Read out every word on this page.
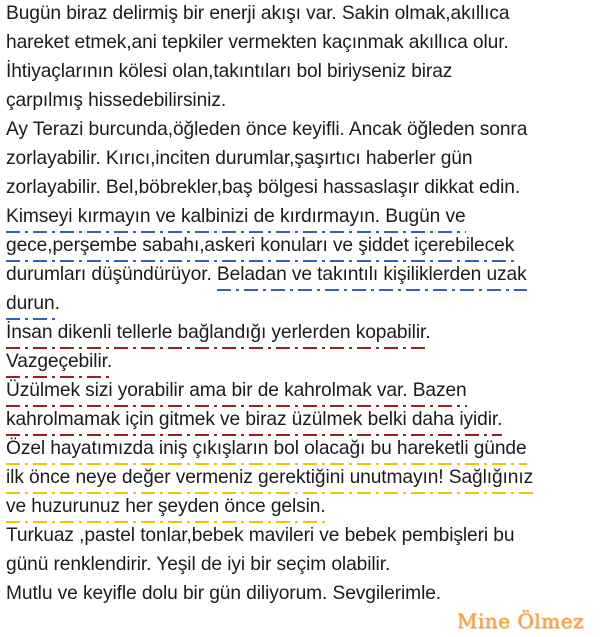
Bugün biraz delirmiş bir enerji akışı var. Sakin olmak,akıllıca
hareket etmek,ani tepkiler vermekten kaçınmak akıllıca olur.
İhtiyaçlarının kölesi olan,takıntıları bol biriyseniz biraz
çarpılmış hissedebilirsiniz.
Ay Terazi burcunda,öğleden önce keyifli. Ancak öğleden sonra
zorlayabilir. Kırıcı,inciten durumlar,şaşırtıcı haberler gün
zorlayabilir. Bel,böbrekler,baş bölgesi hassaslaşır dikkat edin.
Kimseyi kırmayın ve kalbinizi de kırdırmayın. Bugün ve
gece,perşembe sabahı,askeri konuları ve şiddet içerebilecek
durumları düşündürüyor. Beladan ve takıntılı kişiliklerden uzak
durun.
İnsan dikenli tellerle bağlandığı yerlerden kopabilir.
Vazgeçebilir.
Üzülmek sizi yorabilir ama bir de kahrolmak var. Bazen
kahrolmamak için gitmek ve biraz üzülmek belki daha iyidir.
Özel hayatımızda iniş çıkışların bol olacağı bu hareketli günde
ilk önce neye değer vermeniz gerektiğini unutmayın! Sağlığınız
ve huzurunuz her şeyden önce gelsin.
Turkuaz ,pastel tonlar,bebek mavileri ve bebek pembişleri bu
günü renklendirir. Yeşil de iyi bir seçim olabilir.
Mutlu ve keyifle dolu bir gün diliyorum. Sevgilerimle.
Mine Ölmez
